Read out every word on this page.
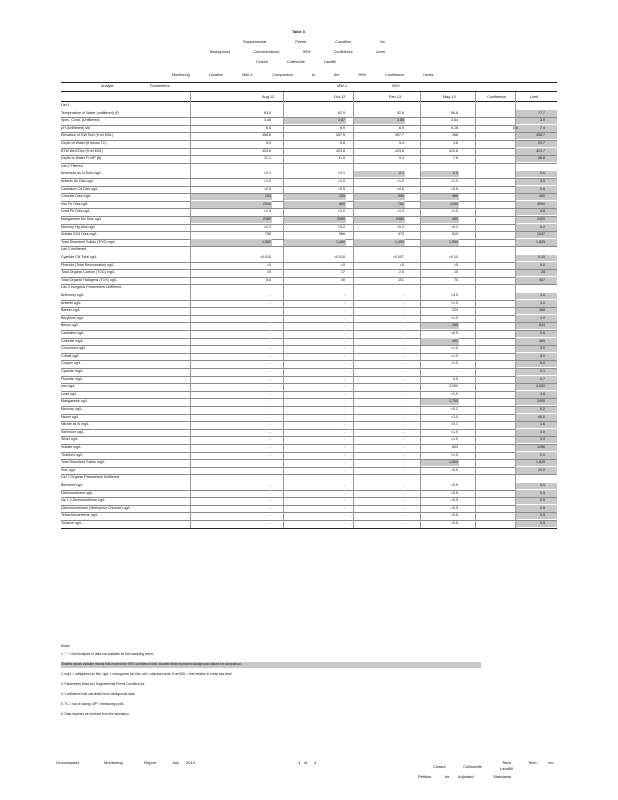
Table 3
Supplemental Permit Condition 6a
Background Concentrations, 95% Confidence Level
Closed Collinsville Landfill
Monitoring Location MW-1: Comparison to the 95% Confidence Limits
Analyte	Parameters	MW-1	95%
Aug-12	Oct-12	Feb-13	May-13	Confidence	Limit
List 1
Temperature of Water (unfiltered) (F)	63.5	62.5	52.6	56.8	77.7
Spec. Cond. (Unfiltered)	3.48	3.87	3.88	3.84	3.9
pH (Unfiltered) std	6.8	6.9	6.9	6.18	6.5	7.4
Elevation of GW Surf (ft rel MSL)	456.8	457.5	457.7	458	458.7
Depth of Water (ft below TC)	5.9	5.8	5.4	4.8	29.7
BTM Well Elev (ft rel MSL)	423.8	423.8	423.8	423.8	423.7
Depth to Water Fr MP (ft)	12.1	11.5	9.3	7.8	38.8
List 2 Filtered
Ammonia as N Diss mg/L	<0.1	<0.1	0.1	0.5	0.6
Arsenic As Diss ug/L	<1.0	<1.0	<1.0	<1.0	3.0
Cadmium Cd Diss ug/L	<0.5	<0.5	<0.5	<0.5	0.6
Chloride Diss mg/L	253	253	350	460	460
Iron Fe Diss ug/L	2200	650	760	1290	4000
Lead Pb Diss ug/L	<1.0	<1.0	<1.0	<1.0	4.8
Manganese Mn Diss ug/L	2180	2060	2480	490	2400
Mercury Hg Diss ug/L	<0.2	<0.2	<0.2	<0.2	0.2
Sulfate SO4 Diss mg/L	758	566	373	519	1247
Total Dissolved Solids (TDS) mg/L	1,550	1,480	1,400	1,550	1,825
List 2 Unfiltered
Cyanide CN Total ug/L	<0.010	<0.010	<0.007	<0.10	0.10
Phenols (Total Recoverable) ug/L	<5	<5	<5	<5	5.0
Total Organic Carbon (TOC) mg/L	10	17	2.5	15	28
Total Organic Halogens (TOX) ug/L	5.6	40	101	70	407
List 3 Inorganic Parameters Unfiltered
Antimony ug/L	-	-	-	<3.0	3.0
Arsenic ug/L	-	-	-	<1.0	3.0
Barium ug/L	-	-	-	223	288
Beryllium ug/L	-	-	-	<1.0	1.0
Boron ug/L	-	-	-	355	633
Cadmium ug/L	-	-	-	<0.5	0.6
Chloride mg/L	-	-	-	460	460
Chromium ug/L	-	-	-	<1.0	3.0
Cobalt ug/L	-	-	-	<1.0	5.0
Copper ug/L	-	-	-	<1.0	5.0
Cyanide mg/L	-	-	-	-	0.1
Fluoride mg/L	-	-	-	0.5	0.7
Iron ug/L	-	-	-	2,000	4,000
Lead ug/L	-	-	-	<1.0	4.8
Manganese ug/L	-	-	-	1,700	2400
Mercury ug/L	-	-	-	<0.2	0.2
Nickel ug/L	-	-	-	<1.0	40.0
Nitrate as N mg/L	-	-	-	<0.1	1.6
Selenium ug/L	-	-	-	<1.0	3.0
Silver ug/L	-	-	-	<1.0	3.0
Sulfate mg/L	-	-	-	603	1266
Thallium ug/L	-	-	-	<1.0	2.0
Total Dissolved Solids mg/L	-	-	-	1,550	1,825
Zinc ug/L	-	-	-	<5.0	20.0
List 3 Organic Parameters Unfiltered
Benzene ug/L	-	-	-	<0.5	0.5
Dichloroethane ug/L	-	-	-	<0.5	0.5
cis-1,2-Dichloroethene ug/L	-	-	-	<0.5	0.5
Dichloromethane (Methylene Chloride) ug/L	-	-	-	<0.5	0.5
Tetrachloroethene ug/L	-	-	-	<0.5	0.5
Toluene ug/L	-	-	-	<0.5	0.5
Notes:
1. "-" = Not Analyzed or data not available for this sampling event.
Shaded values indicate results that exceed the 95% confidence limit; shaded limits represent background values for comparison
2. mg/L = milligrams per liter; ug/L = micrograms per liter; std = standard units; ft rel MSL = feet relative to mean sea level
3. Parameters listed per Supplemental Permit Condition 6a.
4. Confidence limit calculated from background data.
5. TC = top of casing; MP = measuring point.
6. Data reported as received from the laboratory.
Groundwater	Monitoring	Report	July 2013	1 of 4
Closed	Collinsville	Landfill
Tetra	Tech,	Inc.
Petition	for Adjusted	Standards
